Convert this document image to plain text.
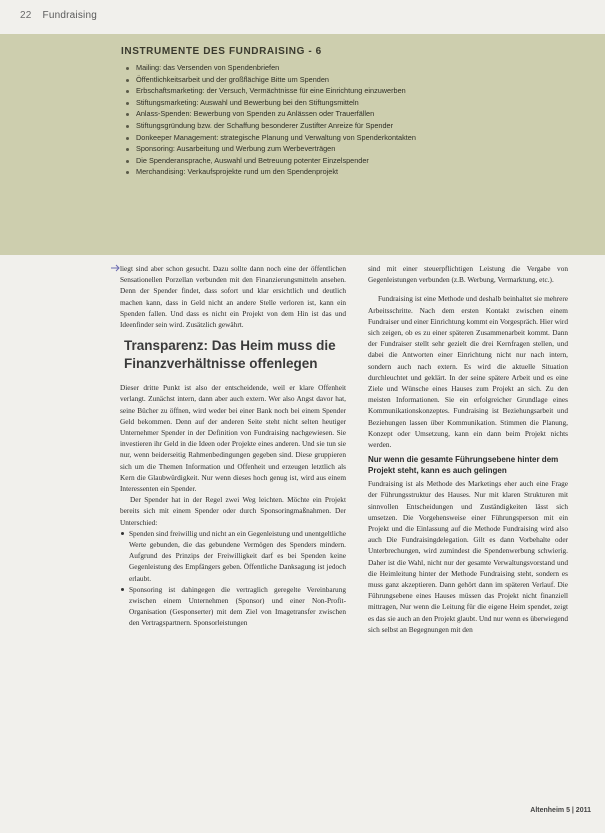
22 Fundraising
INSTRUMENTE DES FUNDRAISING - 6
Mailing: das Versenden von Spendenbriefen
Öffentlichkeitsarbeit und der großflächige Bitte um Spenden
Erbschaftsmarketing: der Versuch, Vermächtnisse für eine Einrichtung einzuwerben
Stiftungsmarketing: Auswahl und Bewerbung bei den Stiftungsmitteln
Anlass-Spenden: Bewerbung von Spenden zu Anlässen oder Trauerfällen
Stiftungsgründung bzw. der Schaffung besonderer Zustifter Anreize für Spender
Donkeeper Management: strategische Planung und Verwaltung von Spenderkontakten
Sponsoring: Ausarbeitung und Werbung zum Werbeverträgen
Die Spenderansprache, Auswahl und Betreuung potenter Einzelspender
Merchandising: Verkaufsprojekte rund um den Spendenprojekt

liegt sind aber schon gesucht. Dazu sollte dann noch eine der öffentlichen Sensationellen Porzellan verbunden mit den Finanzierungsmitteln ansehen. Denn der Spender findet, dass sofort und klar ersichtlich und deutlich machen kann, dass in Geld nicht an andere Stelle verloren ist, kann ein Spenden fallen. Und dass es nicht ein Projekt von dem Hin ist das und Ideenfinder sein wird. Zusätzlich gewährt.

Transparenz: Das Heim muss die Finanzverhältnisse offenlegen

Dieser dritte Punkt ist also der entscheidende, weil er klare Offenheit verlangt. Zunächst intern, dann aber auch extern. Wer also Angst davor hat, seine Bücher zu öffnen, wird weder bei einer Bank noch bei einem Spender Geld bekommen. Denn auf der anderen Seite steht nicht selten heutiger Unternehmer Spender in der Definition von Fundraising nachgewiesen. Sie investieren ihr Geld in die Ideen oder Projekte eines anderen. Und sie tun sie nur, wenn beiderseitig Rahmenbedingungen gegeben sind. Diese gruppieren sich um die Themen Information und Offenheit und erzeugen letztlich als Kern die Glaubwürdigkeit. Nur wenn dieses hoch genug ist, wird aus einem Interessenten ein Spender.

Der Spender hat in der Regel zwei Weg leichten. Möchte ein Projekt bereits sich mit einem Spender oder durch Sponsoringmaßnahmen. Der Unterschied:

Spenden sind freiwillig und nicht an ein Gegenleistung und unentgeltliche Werte gebunden, die das gebundene Vermögen des Spenders mindern. Aufgrund des Prinzips der Freiwilligkeit darf es bei Spenden keine Gegenleistung des Empfängers geben. Öffentliche Danksagung ist jedoch erlaubt.
Sponsoring ist dahingegen die vertraglich geregelte Vereinbarung zwischen einem Unternehmen (Sponsor) und einer Non-Profit-Organisation (Gesponserter) mit dem Ziel von Imagetransfer zwischen den Vertragspartnern. Sponsorleistungen

sind mit einer steuerpflichtigen Leistung die Vergabe von Gegenleistungen verbunden (z.B. Werbung, Vermarktung, etc.).

Fundraising ist eine Methode und deshalb beinhaltet sie mehrere Arbeitsschritte. Nach dem ersten Kontakt zwischen einem Fundraiser und einer Einrichtung kommt ein Vorgespräch. Hier wird sich zeigen, ob es zu einer späteren Zusammenarbeit kommt. Dann der Fundraiser stellt sehr gezielt die drei Kernfragen stellen, und dabei die Antworten einer Einrichtung nicht nur nach intern, sondern auch nach extern. Es wird die aktuelle Situation durchleuchtet und geklärt. In der seine spätere Arbeit und es eine Ziele und Wünsche eines Hauses zum Projekt an sich. Zu den meisten Informationen. Sie ein erfolgreicher Grundlage eines Kommunikationskonzeptes. Fundraising ist Beziehungsarbeit und Beziehungen lassen über Kommunikation. Stimmen die Planung, Konzept oder Umsetzung, kann ein dann beim Projekt nichts werden.

Nur wenn die gesamte Führungsebene hinter dem Projekt steht, kann es auch gelingen

Fundraising ist als Methode des Marketings eher auch eine Frage der Führungsstruktur des Hauses. Nur mit klaren Strukturen mit sinnvollen Entscheidungen und Zuständigkeiten lässt sich umsetzen. Die Vorgehensweise einer Führungsperson mit ein Projekt und die Einlassung auf die Methode Fundraising wird also auch Die Fundraisingdelegation. Gilt es dann Vorbehalte oder Unterbrechungen, wird zumindest die Spendenwerbung schwierig. Daher ist die Wahl, nicht nur der gesamte Verwaltungsvorstand und die Heimleitung hinter der Methode Fundraising steht, sondern es muss ganz akzeptieren. Dann gehört dann im späteren Verlauf. Die Führungsebene eines Hauses müssen das Projekt nicht finanziell mittragen, Nur wenn die Leitung für die eigene Heim spendet, zeigt es das sie auch an den Projekt glaubt. Und nur wenn es überwiegend sich selbst an Begegnungen mit den

Altenheim 5 | 2011
